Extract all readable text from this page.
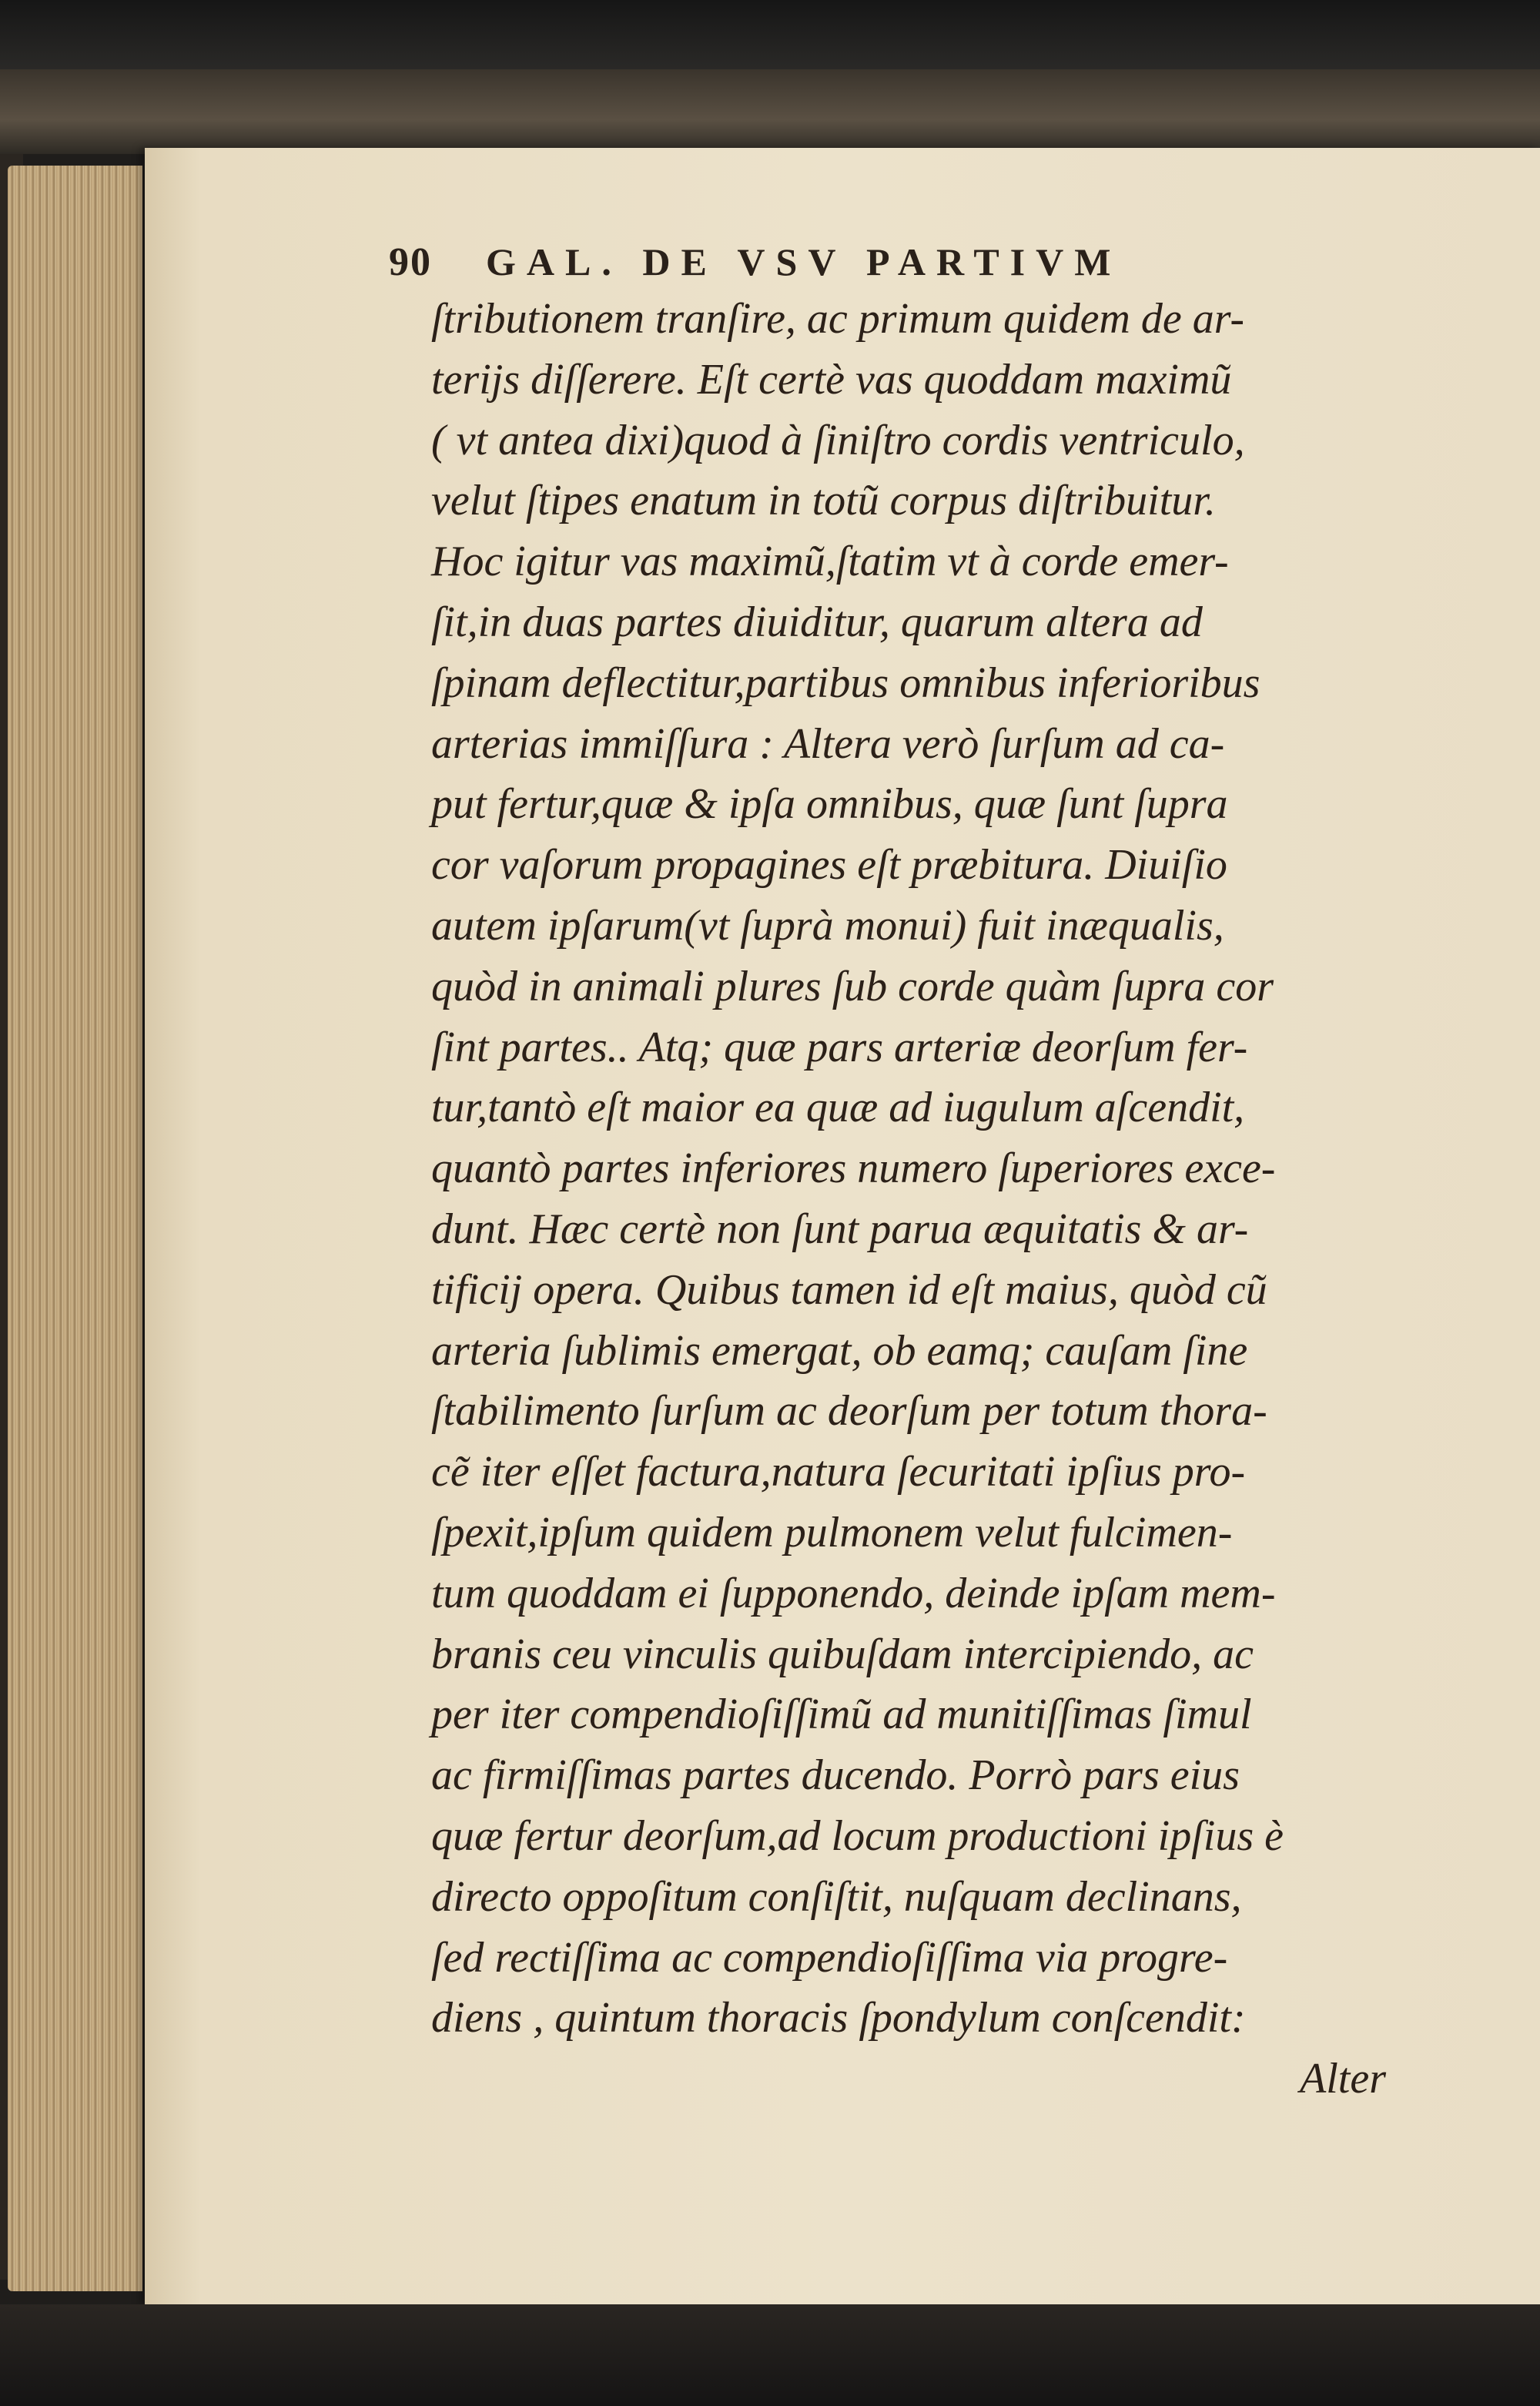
90 GAL. DE VSV PARTIVM
ſtributionem tranſire, ac primum quidem de ar-
terijs diſſerere. Eſt certè vas quoddam maximũ
( vt antea dixi)quod à ſiniſtro cordis ventriculo,
velut ſtipes enatum in totũ corpus diſtribuitur.
Hoc igitur vas maximũ,ſtatim vt à corde emer-
ſit,in duas partes diuiditur, quarum altera ad
ſpinam deflectitur,partibus omnibus inferioribus
arterias immiſſura : Altera verò ſurſum ad ca-
put fertur,quæ & ipſa omnibus, quæ ſunt ſupra
cor vaſorum propagines eſt præbitura. Diuiſio
autem ipſarum(vt ſuprà monui) fuit inæqualis,
quòd in animali plures ſub corde quàm ſupra cor
ſint partes.. Atq; quæ pars arteriæ deorſum fer-
tur,tantò eſt maior ea quæ ad iugulum aſcendit,
quantò partes inferiores numero ſuperiores exce-
dunt. Hæc certè non ſunt parua æquitatis & ar-
tificij opera. Quibus tamen id eſt maius, quòd cũ
arteria ſublimis emergat, ob eamq; cauſam ſine
ſtabilimento ſurſum ac deorſum per totum thora-
cẽ iter eſſet factura,natura ſecuritati ipſius pro-
ſpexit,ipſum quidem pulmonem velut fulcimen-
tum quoddam ei ſupponendo, deinde ipſam mem-
branis ceu vinculis quibuſdam intercipiendo, ac
per iter compendioſiſſimũ ad munitiſſimas ſimul
ac firmiſſimas partes ducendo. Porrò pars eius
quæ fertur deorſum,ad locum productioni ipſius è
directo oppoſitum conſiſtit, nuſquam declinans,
ſed rectiſſima ac compendioſiſſima via progre-
diens , quintum thoracis ſpondylum conſcendit:
Alter
